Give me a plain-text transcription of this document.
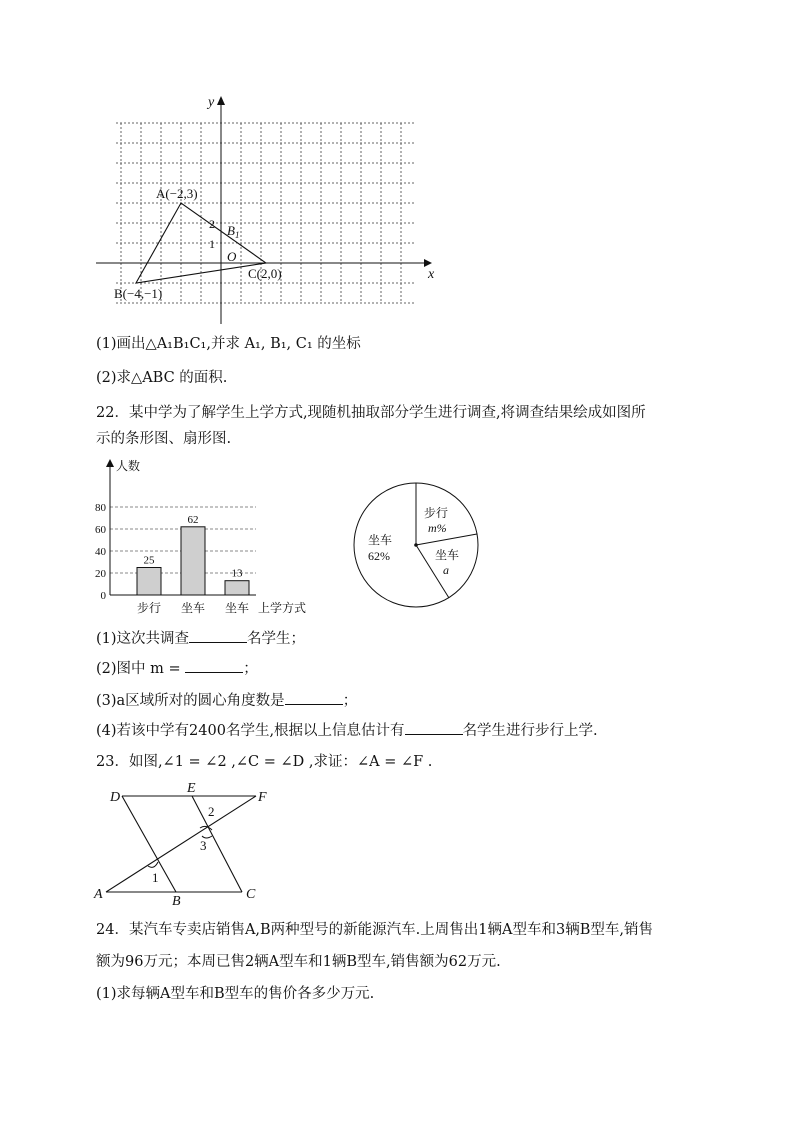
x
y
O
1
2
A(−2,3)
B(−4,−1)
C(2,0)
$B_1$
(1)画出△A₁B₁C₁,并求 A₁, B₁, C₁ 的坐标
(2)求△ABC 的面积.
22．某中学为了解学生上学方式,现随机抽取部分学生进行调查,将调查结果绘成如图所
示的条形图、扇形图.
0
20
40
60
80
25
步行
62
坐车
13
坐车
人数
上学方式
坐车
62%
步行
m%
坐车
a
(1)这次共调查	名学生；
(2)图中 m =	；
(3)a区域所对的圆心角度数是	；
(4)若该中学有2400名学生,根据以上信息估计有	名学生进行步行上学.
23．如图,∠1 = ∠2 ,∠C = ∠D ,求证：∠A = ∠F .
D
E
F
A	B	C
1
2
3
24．某汽车专卖店销售A,B两种型号的新能源汽车.上周售出1辆A型车和3辆B型车,销售
额为96万元；本周已售2辆A型车和1辆B型车,销售额为62万元.
(1)求每辆A型车和B型车的售价各多少万元.
